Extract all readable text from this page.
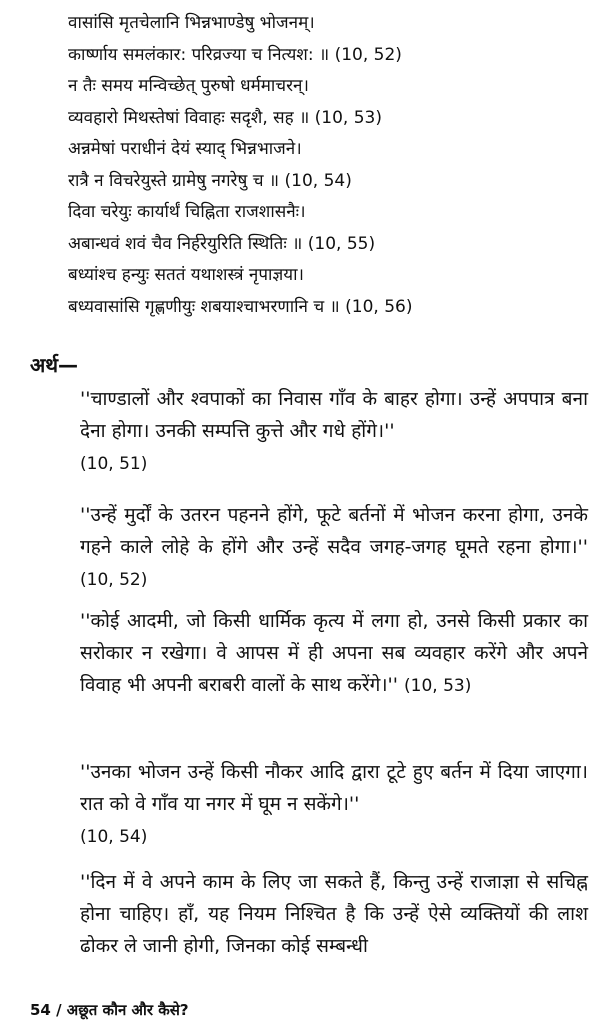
वासांसि मृतचेलानि भिन्नभाण्डेषु भोजनम्।
कार्ष्णाय समलंकार: परिव्रज्या च नित्यश: ॥ (10, 52)
न तैः समय मन्विच्छेत् पुरुषो धर्ममाचरन्।
व्यवहारो मिथस्तेषां विवाहः सदृशै, सह ॥ (10, 53)
अन्नमेषां पराधीनं देयं स्याद् भिन्नभाजने।
रात्रै न विचरेयुस्ते ग्रामेषु नगरेषु च ॥ (10, 54)
दिवा चरेयुः कार्यार्थं चिह्निता राजशासनैः।
अबान्धवं शवं चैव निर्हरेयुरिति स्थितिः ॥ (10, 55)
बध्यांश्च हन्युः सततं यथाशस्त्रं नृपाज्ञया।
बध्यवासांसि गृह्णणीयुः शबयाश्चाभरणानि च ॥ (10, 56)
अर्थ—
''चाण्डालों और श्वपाकों का निवास गाँव के बाहर होगा। उन्हें अपपात्र बना देना होगा। उनकी सम्पत्ति कुत्ते और गधे होंगे।''
(10, 51)
''उन्हें मुर्दों के उतरन पहनने होंगे, फूटे बर्तनों में भोजन करना होगा, उनके गहने काले लोहे के होंगे और उन्हें सदैव जगह-जगह घूमते रहना होगा।'' (10, 52)
''कोई आदमी, जो किसी धार्मिक कृत्य में लगा हो, उनसे किसी प्रकार का सरोकार न रखेगा। वे आपस में ही अपना सब व्यवहार करेंगे और अपने विवाह भी अपनी बराबरी वालों के साथ करेंगे।'' (10, 53)
''उनका भोजन उन्हें किसी नौकर आदि द्वारा टूटे हुए बर्तन में दिया जाएगा। रात को वे गाँव या नगर में घूम न सकेंगे।''
(10, 54)
''दिन में वे अपने काम के लिए जा सकते हैं, किन्तु उन्हें राजाज्ञा से सचिह्न होना चाहिए। हाँ, यह नियम निश्चित है कि उन्हें ऐसे व्यक्तियों की लाश ढोकर ले जानी होगी, जिनका कोई सम्बन्धी
54 / अछूत कौन और कैसे?
